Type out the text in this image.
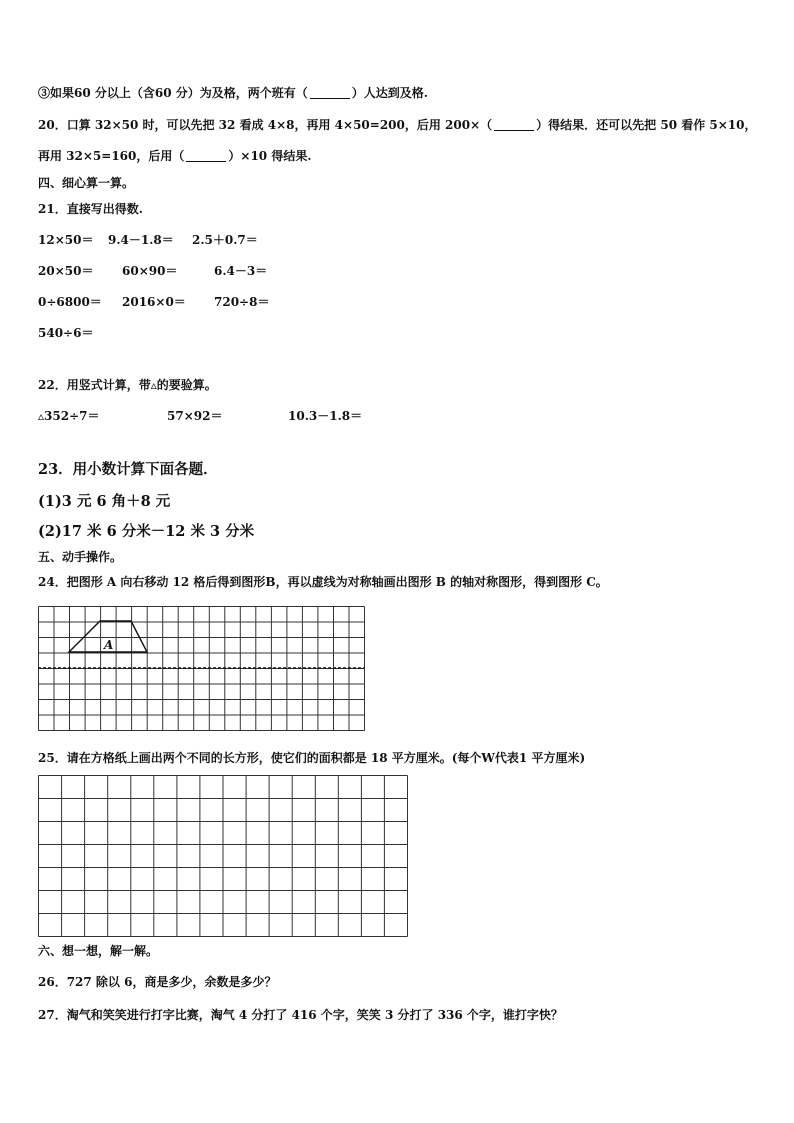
③如果60 分以上（含60 分）为及格，两个班有（	）人达到及格.
20．口算 32×50 时，可以先把 32 看成 4×8，再用 4×50=200，后用 200×（	）得结果．还可以先把 50 看作 5×10，
再用 32×5=160，后用（	）×10 得结果.
四、细心算一算。
21．直接写出得数.
12×50＝ 9.4－1.8＝ 2.5＋0.7＝
20×50＝ 60×90＝	6.4－3＝
0÷6800＝ 2016×0＝ 720÷8＝
540÷6＝
22．用竖式计算，带▵的要验算。
▵352÷7＝	57×92＝	10.3－1.8＝
23．用小数计算下面各题．
(1)3 元 6 角＋8 元
(2)17 米 6 分米－12 米 3 分米
五、动手操作。
24．把图形 A 向右移动 12 格后得到图形B，再以虚线为对称轴画出图形 B 的轴对称图形，得到图形 C。
A
25．请在方格纸上画出两个不同的长方形，使它们的面积都是 18 平方厘米。(每个W代表1 平方厘米)
六、想一想，解一解。
26．727 除以 6，商是多少，余数是多少？
27．淘气和笑笑进行打字比赛，淘气 4 分打了 416 个字，笑笑 3 分打了 336 个字，谁打字快？
